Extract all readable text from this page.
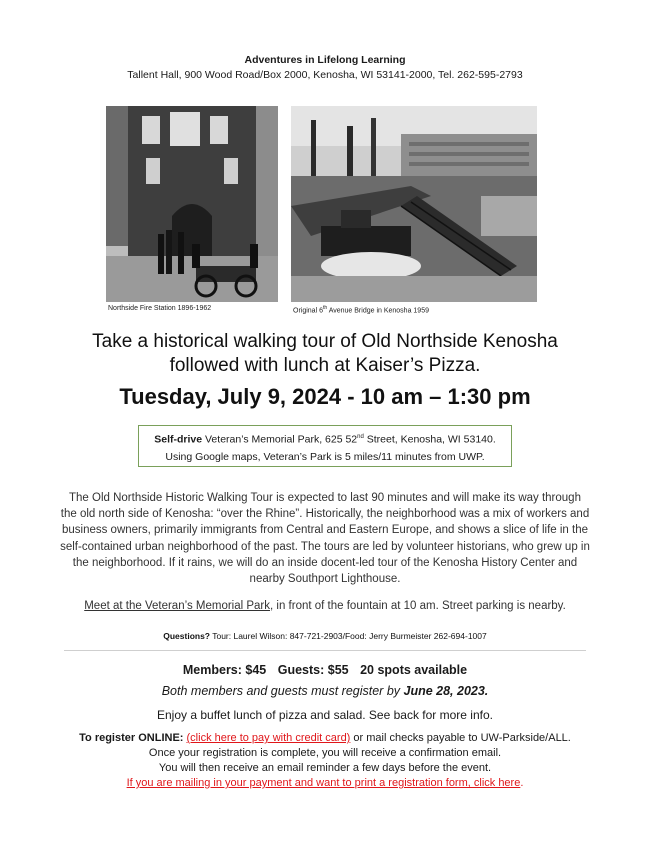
Adventures in Lifelong Learning
Tallent Hall, 900 Wood Road/Box 2000, Kenosha, WI 53141-2000, Tel. 262-595-2793
Northside Fire Station 1896-1962	Original 6th Avenue Bridge in Kenosha 1959
Take a historical walking tour of Old Northside Kenosha
followed with lunch at Kaiser’s Pizza.
Tuesday, July 9, 2024 - 10 am – 1:30 pm
Self-drive Veteran’s Memorial Park, 625 52nd Street, Kenosha, WI 53140.
Using Google maps, Veteran’s Park is 5 miles/11 minutes from UWP.
The Old Northside Historic Walking Tour is expected to last 90 minutes and will make its way through the old north side of Kenosha: “over the Rhine”. Historically, the neighborhood was a mix of workers and business owners, primarily immigrants from Central and Eastern Europe, and shows a slice of life in the self-contained urban neighborhood of the past. The tours are led by volunteer historians, who grew up in the neighborhood. If it rains, we will do an inside docent-led tour of the Kenosha History Center and nearby Southport Lighthouse.
Meet at the Veteran’s Memorial Park, in front of the fountain at 10 am. Street parking is nearby.
Questions? Tour: Laurel Wilson: 847-721-2903/Food: Jerry Burmeister 262-694-1007
Members: $45 Guests: $55 20 spots available
Both members and guests must register by June 28, 2023.
Enjoy a buffet lunch of pizza and salad. See back for more info.
To register ONLINE: (click here to pay with credit card) or mail checks payable to UW-Parkside/ALL.
Once your registration is complete, you will receive a confirmation email.
You will then receive an email reminder a few days before the event.
If you are mailing in your payment and want to print a registration form, click here.
